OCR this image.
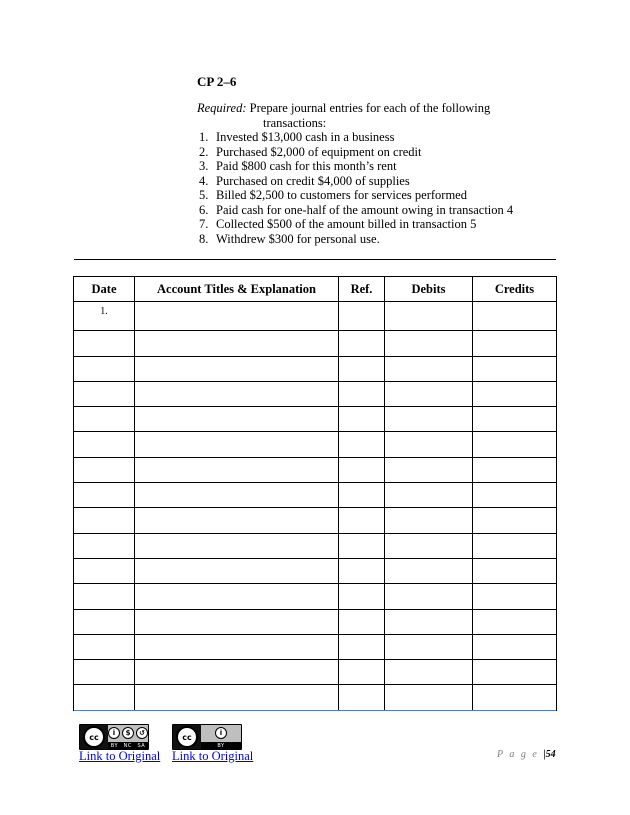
CP 2–6
Required: Prepare journal entries for each of the following
transactions:
1. Invested $13,000 cash in a business
2. Purchased $2,000 of equipment on credit
3. Paid $800 cash for this month’s rent
4. Purchased on credit $4,000 of supplies
5. Billed $2,500 to customers for services performed
6. Paid cash for one-half of the amount owing in transaction 4
7. Collected $500 of the amount billed in transaction 5
8. Withdrew $300 for personal use.
Date	Account Titles & Explanation	Ref.	Debits	Credits
1.				

cc	i	$	↺
BY NC SA
cc	i
BY
Link to Original Link to Original	P a g e |54
